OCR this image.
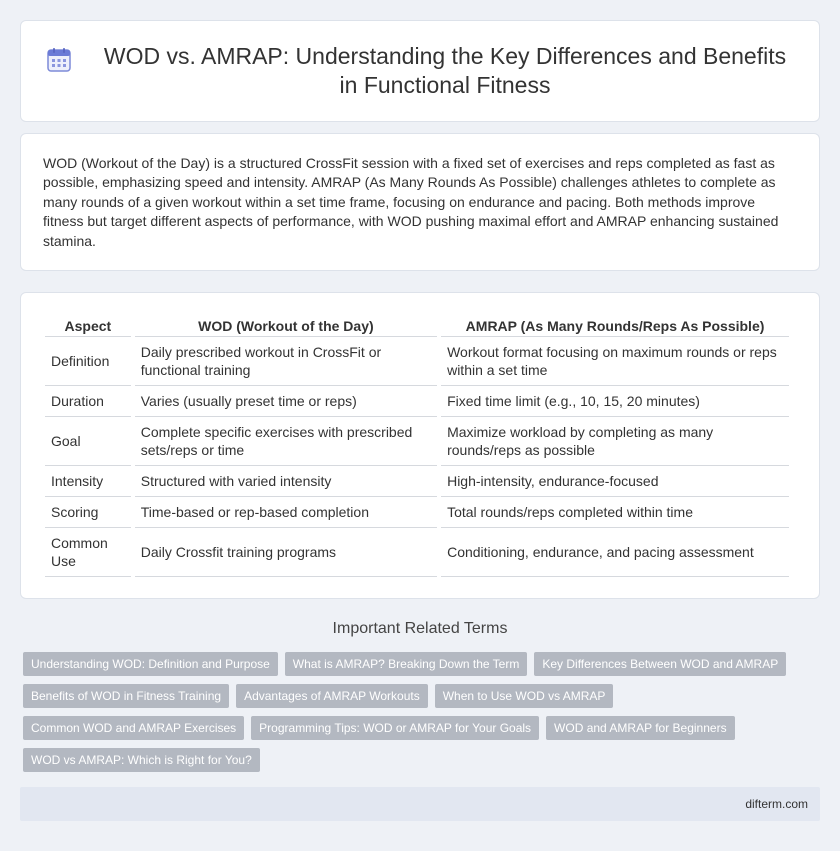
WOD vs. AMRAP: Understanding the Key Differences and Benefits in Functional Fitness

WOD (Workout of the Day) is a structured CrossFit session with a fixed set of exercises and reps completed as fast as possible, emphasizing speed and intensity. AMRAP (As Many Rounds As Possible) challenges athletes to complete as many rounds of a given workout within a set time frame, focusing on endurance and pacing. Both methods improve fitness but target different aspects of performance, with WOD pushing maximal effort and AMRAP enhancing sustained stamina.

Aspect	WOD (Workout of the Day)	AMRAP (As Many Rounds/Reps As Possible)
Definition	Daily prescribed workout in CrossFit or functional training	Workout format focusing on maximum rounds or reps within a set time
Duration	Varies (usually preset time or reps)	Fixed time limit (e.g., 10, 15, 20 minutes)
Goal	Complete specific exercises with prescribed sets/reps or time	Maximize workload by completing as many rounds/reps as possible
Intensity	Structured with varied intensity	High-intensity, endurance-focused
Scoring	Time-based or rep-based completion	Total rounds/reps completed within time
Common Use	Daily Crossfit training programs	Conditioning, endurance, and pacing assessment
Important Related Terms
Understanding WOD: Definition and Purpose	What is AMRAP? Breaking Down the Term	Key Differences Between WOD and AMRAP
Benefits of WOD in Fitness Training	Advantages of AMRAP Workouts	When to Use WOD vs AMRAP
Common WOD and AMRAP Exercises	Programming Tips: WOD or AMRAP for Your Goals	WOD and AMRAP for Beginners
WOD vs AMRAP: Which is Right for You?
difterm.com
